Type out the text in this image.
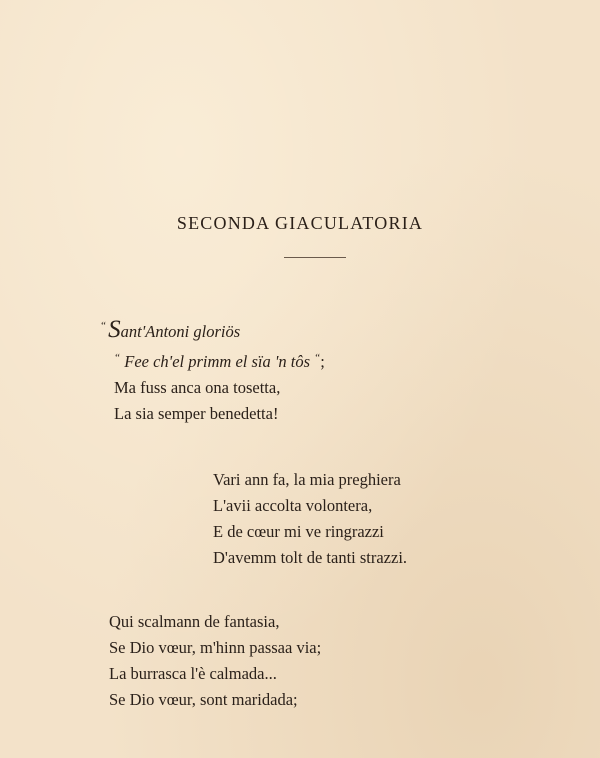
SECONDA GIACULATORIA
“Sant'Antoni gloriös
“ Fee ch'el primm el sïa 'n tôs “;
Ma fuss anca ona tosetta,
La sia semper benedetta!
Vari ann fa, la mia preghiera
L'avii accolta volontera,
E de cœur mi ve ringrazzi
D'avemm tolt de tanti strazzi.
Qui scalmann de fantasia,
Se Dio vœur, m'hinn passaa via;
La burrasca l'è calmada...
Se Dio vœur, sont maridada;
